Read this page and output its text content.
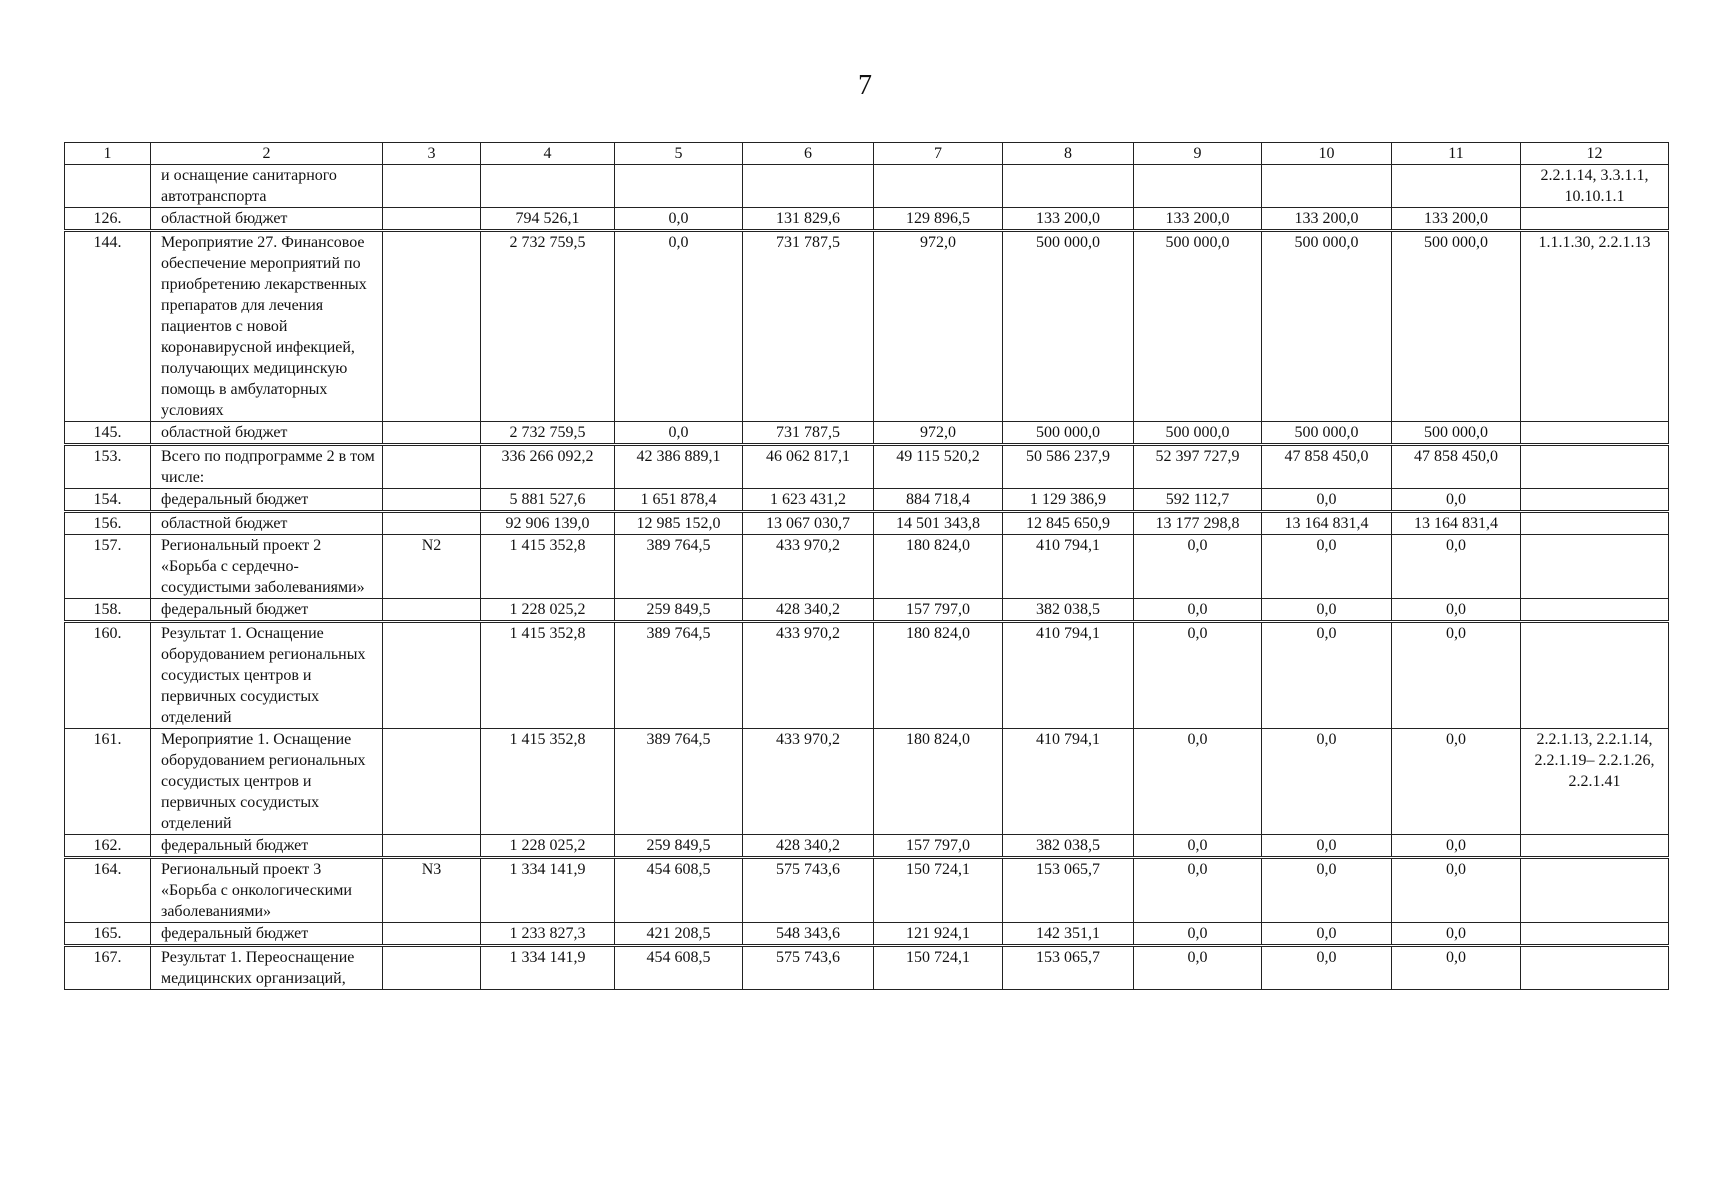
7
1	2	3	4	5	6	7	8	9	10	11	12
	и оснащение санитарного автотранспорта										2.2.1.14, 3.3.1.1, 10.10.1.1
126.	областной бюджет		794 526,1	0,0	131 829,6	129 896,5	133 200,0	133 200,0	133 200,0	133 200,0	
144.	Мероприятие 27. Финансовое обеспечение мероприятий по приобретению лекарственных препаратов для лечения пациентов с новой коронавирусной инфекцией, получающих медицинскую помощь в амбулаторных условиях		2 732 759,5	0,0	731 787,5	972,0	500 000,0	500 000,0	500 000,0	500 000,0	1.1.1.30, 2.2.1.13
145.	областной бюджет		2 732 759,5	0,0	731 787,5	972,0	500 000,0	500 000,0	500 000,0	500 000,0	
153.	Всего по подпрограмме 2 в том числе:		336 266 092,2	42 386 889,1	46 062 817,1	49 115 520,2	50 586 237,9	52 397 727,9	47 858 450,0	47 858 450,0	
154.	федеральный бюджет		5 881 527,6	1 651 878,4	1 623 431,2	884 718,4	1 129 386,9	592 112,7	0,0	0,0	
156.	областной бюджет		92 906 139,0	12 985 152,0	13 067 030,7	14 501 343,8	12 845 650,9	13 177 298,8	13 164 831,4	13 164 831,4	
157.	Региональный проект 2 «Борьба с сердечно-сосудистыми заболеваниями»	N2	1 415 352,8	389 764,5	433 970,2	180 824,0	410 794,1	0,0	0,0	0,0	
158.	федеральный бюджет		1 228 025,2	259 849,5	428 340,2	157 797,0	382 038,5	0,0	0,0	0,0	
160.	Результат 1. Оснащение оборудованием региональных сосудистых центров и первичных сосудистых отделений		1 415 352,8	389 764,5	433 970,2	180 824,0	410 794,1	0,0	0,0	0,0	
161.	Мероприятие 1. Оснащение оборудованием региональных сосудистых центров и первичных сосудистых отделений		1 415 352,8	389 764,5	433 970,2	180 824,0	410 794,1	0,0	0,0	0,0	2.2.1.13, 2.2.1.14, 2.2.1.19– 2.2.1.26, 2.2.1.41
162.	федеральный бюджет		1 228 025,2	259 849,5	428 340,2	157 797,0	382 038,5	0,0	0,0	0,0	
164.	Региональный проект 3 «Борьба с онкологическими заболеваниями»	N3	1 334 141,9	454 608,5	575 743,6	150 724,1	153 065,7	0,0	0,0	0,0	
165.	федеральный бюджет		1 233 827,3	421 208,5	548 343,6	121 924,1	142 351,1	0,0	0,0	0,0	
167.	Результат 1. Переоснащение медицинских организаций,		1 334 141,9	454 608,5	575 743,6	150 724,1	153 065,7	0,0	0,0	0,0	
